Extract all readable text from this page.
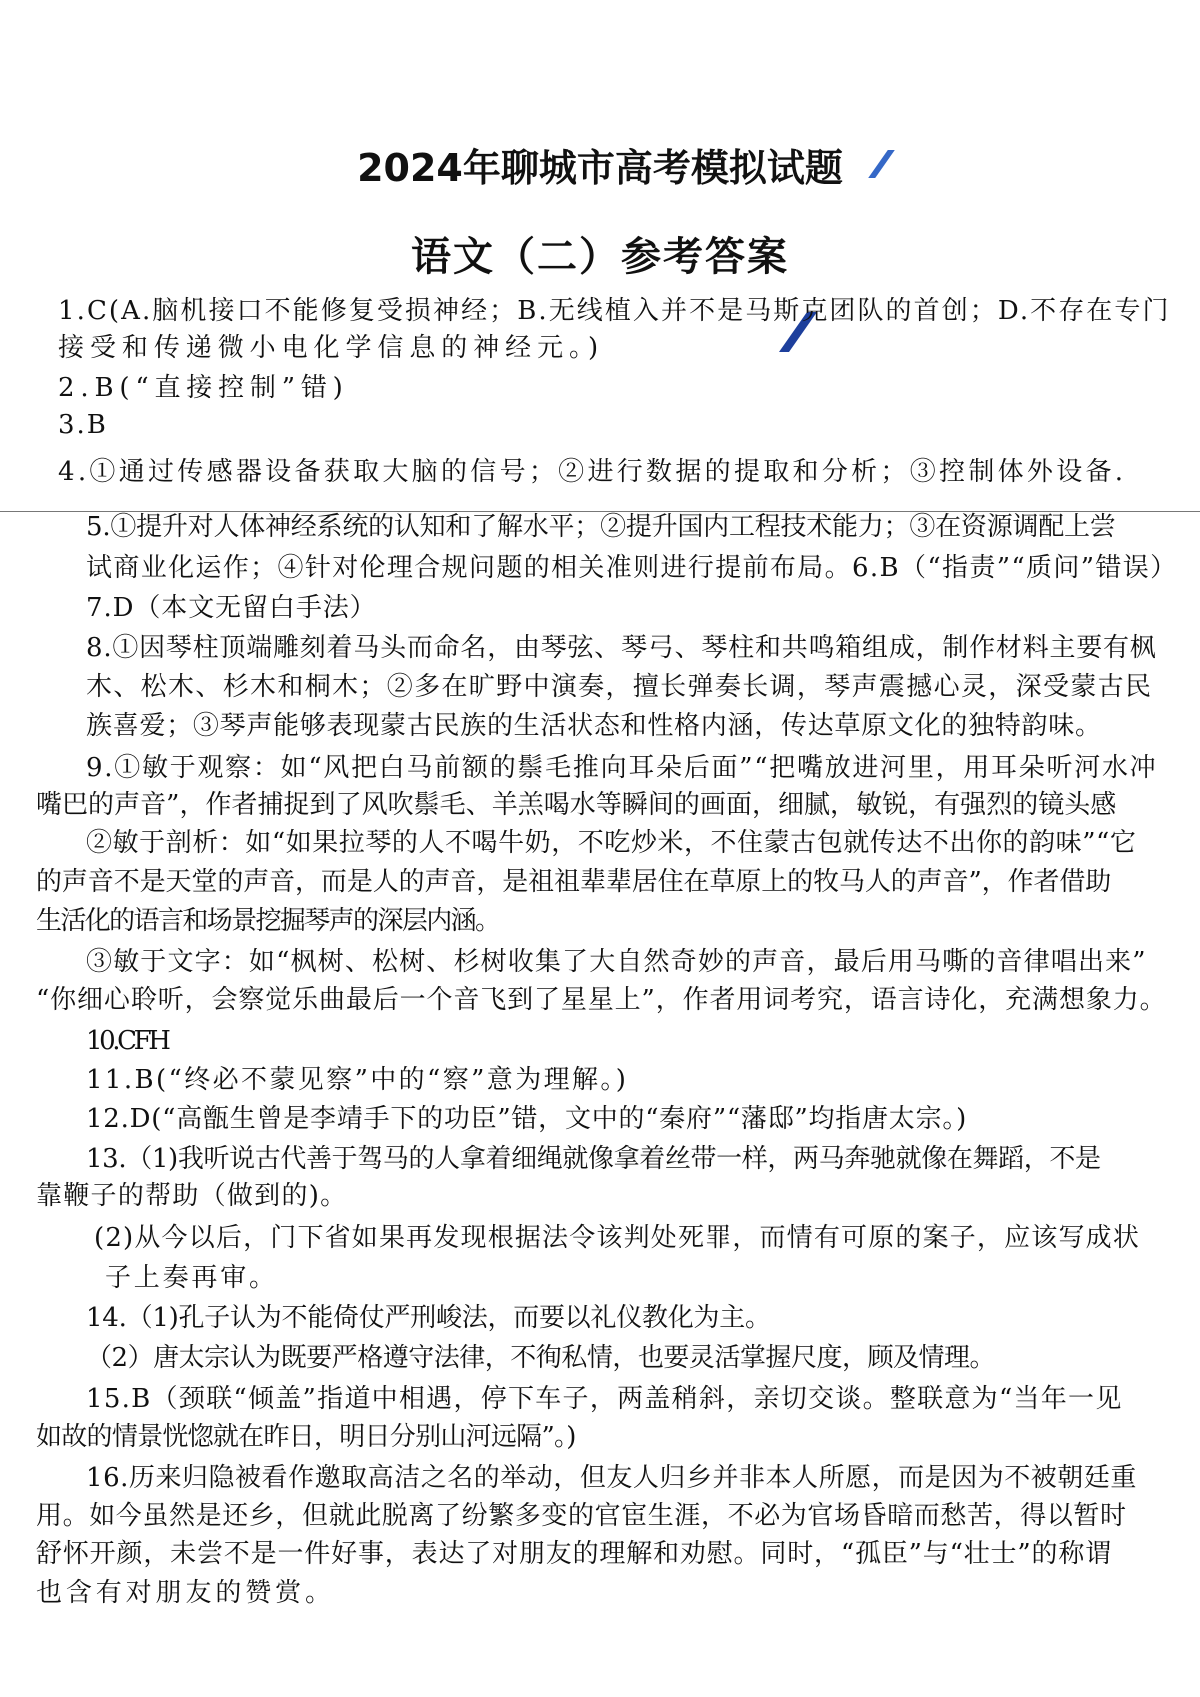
2024年聊城市高考模拟试题
语文（二）参考答案
1.C(A.脑机接口不能修复受损神经；B.无线植入并不是马斯克团队的首创；D.不存在专门
接受和传递微小电化学信息的神经元。)
2.B(“直接控制”错)
3.B
4.①通过传感器设备获取大脑的信号；②进行数据的提取和分析；③控制体外设备.
5.①提升对人体神经系统的认知和了解水平；②提升国内工程技术能力；③在资源调配上尝
试商业化运作；④针对伦理合规问题的相关准则进行提前布局。6.B（“指责”“质问”错误）
7.D（本文无留白手法）
8.①因琴柱顶端雕刻着马头而命名，由琴弦、琴弓、琴柱和共鸣箱组成，制作材料主要有枫
木、松木、杉木和桐木；②多在旷野中演奏，擅长弹奏长调，琴声震撼心灵，深受蒙古民
族喜爱；③琴声能够表现蒙古民族的生活状态和性格内涵，传达草原文化的独特韵味。
9.①敏于观察：如“风把白马前额的鬃毛推向耳朵后面”“把嘴放进河里，用耳朵听河水冲
嘴巴的声音”，作者捕捉到了风吹鬃毛、羊羔喝水等瞬间的画面，细腻，敏锐，有强烈的镜头感
②敏于剖析：如“如果拉琴的人不喝牛奶，不吃炒米，不住蒙古包就传达不出你的韵味”“它
的声音不是天堂的声音，而是人的声音，是祖祖辈辈居住在草原上的牧马人的声音”，作者借助
生活化的语言和场景挖掘琴声的深层内涵。
③敏于文字：如“枫树、松树、杉树收集了大自然奇妙的声音，最后用马嘶的音律唱出来”
“你细心聆听，会察觉乐曲最后一个音飞到了星星上”，作者用词考究，语言诗化，充满想象力。
10.CFH
11.B(“终必不蒙见察”中的“察”意为理解。)
12.D(“高甑生曾是李靖手下的功臣”错，文中的“秦府”“藩邸”均指唐太宗。)
13.（1)我听说古代善于驾马的人拿着细绳就像拿着丝带一样，两马奔驰就像在舞蹈，不是
靠鞭子的帮助（做到的)。
(2)从今以后，门下省如果再发现根据法令该判处死罪，而情有可原的案子，应该写成状
子上奏再审。
14.（1)孔子认为不能倚仗严刑峻法，而要以礼仪教化为主。
（2）唐太宗认为既要严格遵守法律，不徇私情，也要灵活掌握尺度，顾及情理。
15.B（颈联“倾盖”指道中相遇，停下车子，两盖稍斜，亲切交谈。整联意为“当年一见
如故的情景恍惚就在昨日，明日分别山河远隔”。)
16.历来归隐被看作邀取高洁之名的举动，但友人归乡并非本人所愿，而是因为不被朝廷重
用。如今虽然是还乡，但就此脱离了纷繁多变的官宦生涯，不必为官场昏暗而愁苦，得以暂时
舒怀开颜，未尝不是一件好事，表达了对朋友的理解和劝慰。同时，“孤臣”与“壮士”的称谓
也含有对朋友的赞赏。
